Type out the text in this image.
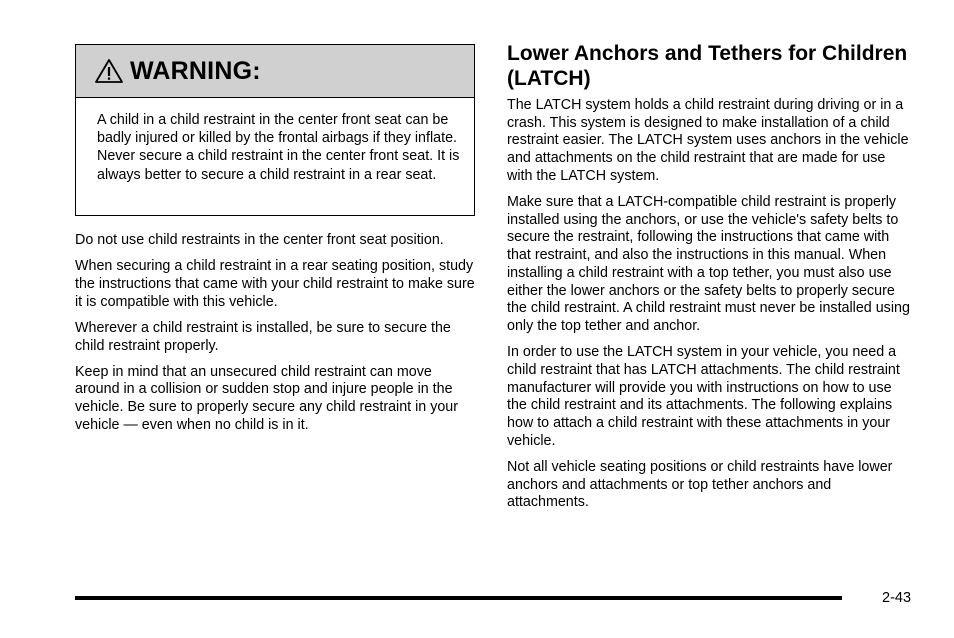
WARNING:
A child in a child restraint in the center front seat can be badly injured or killed by the frontal airbags if they inflate. Never secure a child restraint in the center front seat. It is always better to secure a child restraint in a rear seat.

Do not use child restraints in the center front seat position.

When securing a child restraint in a rear seating position, study the instructions that came with your child restraint to make sure it is compatible with this vehicle.

Wherever a child restraint is installed, be sure to secure the child restraint properly.

Keep in mind that an unsecured child restraint can move around in a collision or sudden stop and injure people in the vehicle. Be sure to properly secure any child restraint in your vehicle — even when no child is in it.

Lower Anchors and Tethers for Children (LATCH)

The LATCH system holds a child restraint during driving or in a crash. This system is designed to make installation of a child restraint easier. The LATCH system uses anchors in the vehicle and attachments on the child restraint that are made for use with the LATCH system.

Make sure that a LATCH-compatible child restraint is properly installed using the anchors, or use the vehicle's safety belts to secure the restraint, following the instructions that came with that restraint, and also the instructions in this manual. When installing a child restraint with a top tether, you must also use either the lower anchors or the safety belts to properly secure the child restraint. A child restraint must never be installed using only the top tether and anchor.

In order to use the LATCH system in your vehicle, you need a child restraint that has LATCH attachments. The child restraint manufacturer will provide you with instructions on how to use the child restraint and its attachments. The following explains how to attach a child restraint with these attachments in your vehicle.

Not all vehicle seating positions or child restraints have lower anchors and attachments or top tether anchors and attachments.

2-43
